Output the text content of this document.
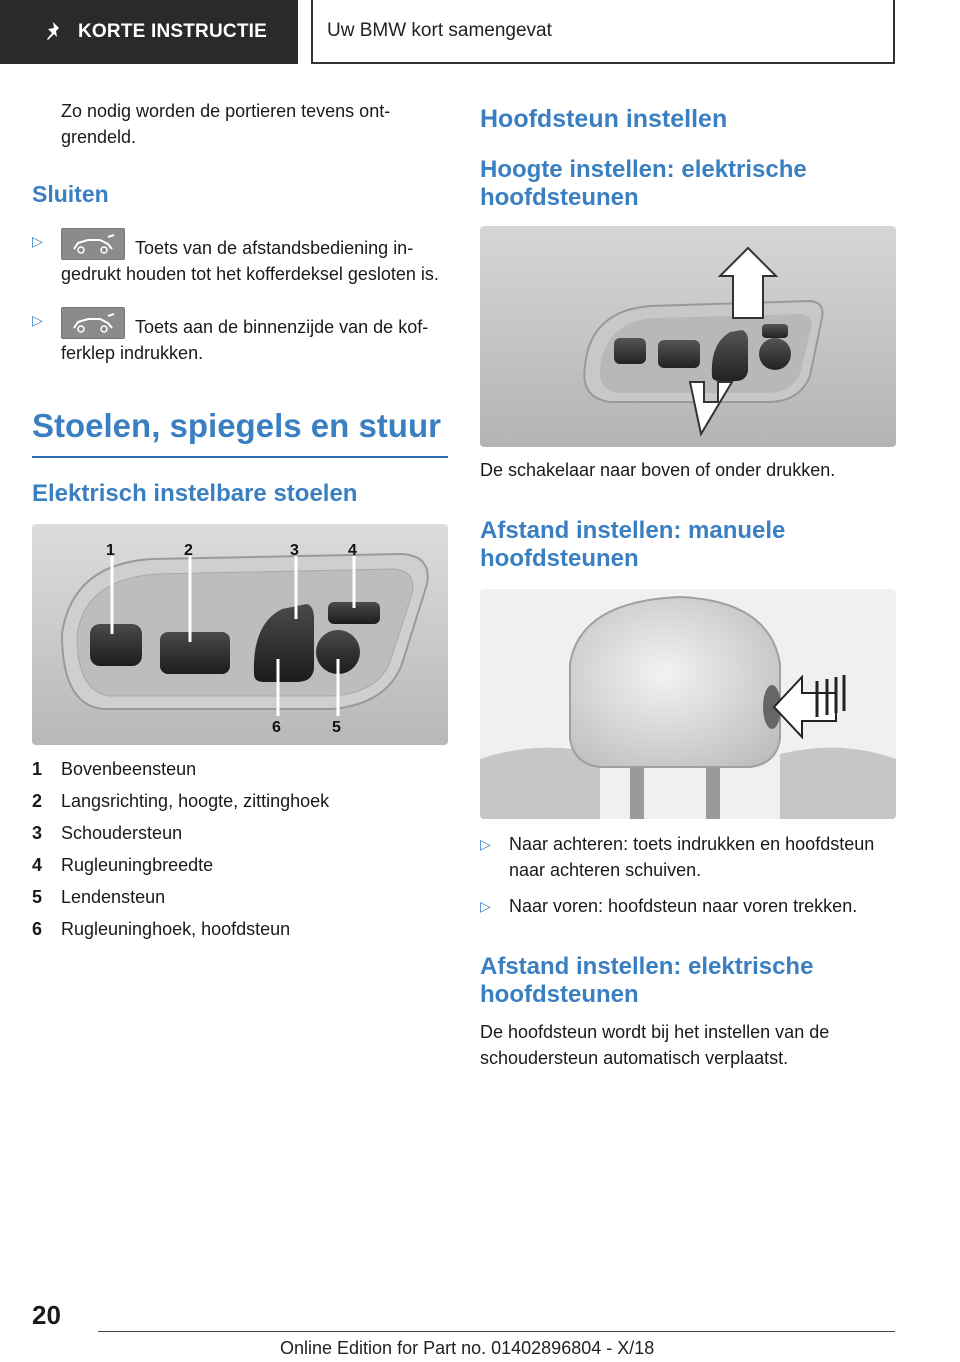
KORTE INSTRUCTIE	Uw BMW kort samengevat

Zo nodig worden de portieren tevens ontgrendeld.

Sluiten
▷	Toets van de afstandsbediening ingedrukt houden tot het kofferdeksel gesloten is.
▷	Toets aan de binnenzijde van de kofferklep indrukken.
Stoelen, spiegels en stuur
Elektrisch instelbare stoelen
1	2	3	4
5
6
1	Bovenbeensteun
2	Langsrichting, hoogte, zittinghoek
3	Schoudersteun
4	Rugleuningbreedte
5	Lendensteun
6	Rugleuninghoek, hoofdsteun
Hoofdsteun instellen
Hoogte instellen: elektrische hoofdsteunen

De schakelaar naar boven of onder drukken.

Afstand instellen: manuele hoofdsteunen
▷	Naar achteren: toets indrukken en hoofdsteun naar achteren schuiven.
▷	Naar voren: hoofdsteun naar voren trekken.
Afstand instellen: elektrische hoofdsteunen

De hoofdsteun wordt bij het instellen van de schoudersteun automatisch verplaatst.

20
Online Edition for Part no. 01402896804 - X/18
